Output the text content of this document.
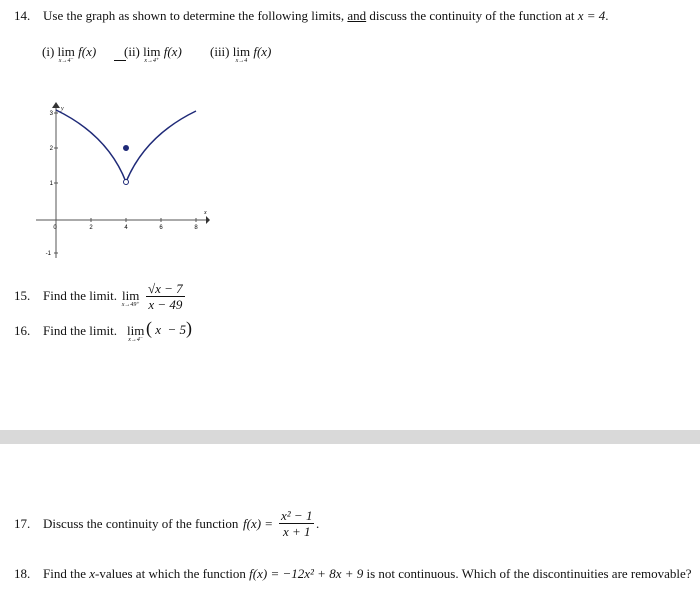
14. Use the graph as shown to determine the following limits, and discuss the continuity of the function at x = 4.
(i) lim
x→4⁻
f(x) (ii) lim
x→4⁺
f(x) (iii) lim
x→4
f(x)
2	4	6	8
-1
1
2
3
0
y
x
15. Find the limit. lim
$x\to 49^+ \frac{√x - 7}{x - 49}$
16. Find the limit. lim
x→4⁻
( x  − 5)
17. Discuss the continuity of the function $f(x) = \frac{\text{x² − 1}}{x + 1}$ .
18. Find the x-values at which the function f(x) = −12x² + 8x + 9 is not continuous. Which of the discontinuities are removable?
